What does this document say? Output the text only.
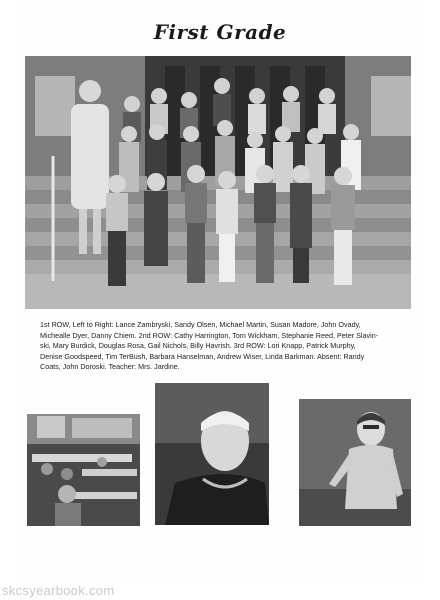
First Grade
1st ROW, Left to Right: Lance Zambryski, Sandy Olsen, Michael Martin, Susan Madore, John Ovady,
Michealle Dyer, Danny Chiem. 2nd ROW: Cathy Harrington, Tom Wickham, Stephanie Reed, Peter Slavin-
ski, Mary Burdick, Douglas Rosa, Gail Nichols, Billy Havrish. 3rd ROW: Lori Knapp, Patrick Murphy,
Denise Goodspeed, Tim TerBush, Barbara Hanselman, Andrew Wiser, Linda Barkman. Absent: Randy
Coats, John Doroski. Teacher: Mrs. Jardine.
skcsyearbook.com
